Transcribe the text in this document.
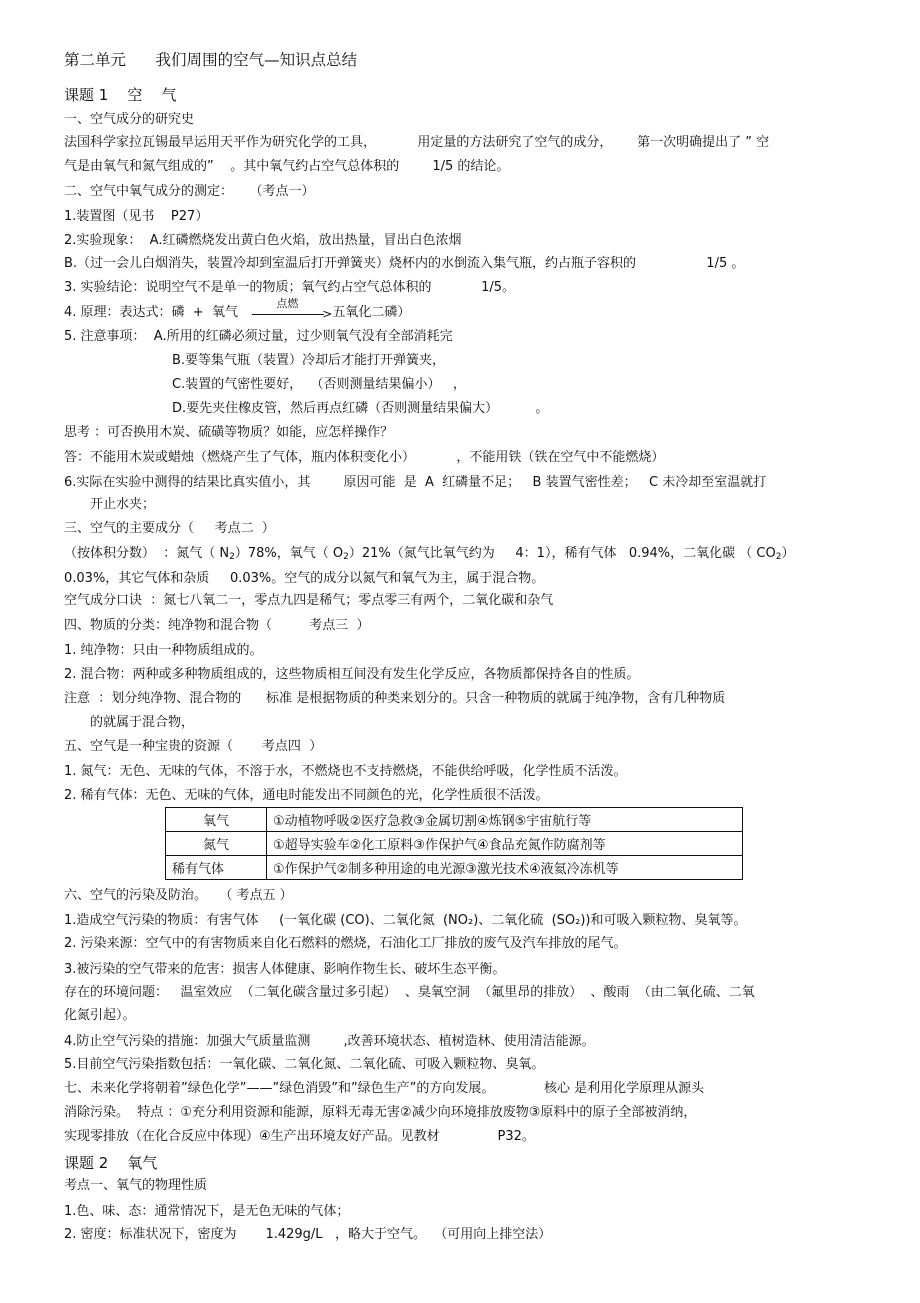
第二单元      我们周围的空气—知识点总结
课题 1    空    气
一、空气成分的研究史
法国科学家拉瓦锡最早运用天平作为研究化学的工具，          用定量的方法研究了空气的成分，      第一次明确提出了 ” 空
气是由氧气和氮气组成的”    。其中氧气约占空气总体积的        1/5 的结论。
二、空气中氧气成分的测定：    （考点一）
1.装置图（见书    P27）
2.实验现象：  A.红磷燃烧发出黄白色火焰，放出热量，冒出白色浓烟
B.（过一会儿白烟消失，装置冷却到室温后打开弹簧夹）烧杯内的水倒流入集气瓶，约占瓶子容积的                 1/5 。
3. 实验结论：说明空气不是单一的物质；氧气约占空气总体积的            1/5。
4. 原理：表达式：磷  +  氧气
点燃
> 五氧化二磷）
5. 注意事项：  A.所用的红磷必须过量，过少则氧气没有全部消耗完
B.要等集气瓶（装置）冷却后才能打开弹簧夹，
C.装置的气密性要好，  （否则测量结果偏小）   ，
D.要先夹住橡皮管，然后再点红磷（否则测量结果偏大）         。
思考 ：可否换用木炭、硫磺等物质？如能，应怎样操作？
答：不能用木炭或蜡烛（燃烧产生了气体，瓶内体积变化小）          ，不能用铁（铁在空气中不能燃烧）
6.实际在实验中测得的结果比真实值小，其        原因可能  是  A  红磷量不足；   B 装置气密性差；   C 未冷却至室温就打
开止水夹；
三、空气的主要成分（     考点二  ）
（按体积分数）  ：氮气（ $N_2)78\%$，氧气（ $O_2)21\%$（氮气比氧气约为     4：1），稀有气体   0.94%，二氧化碳 （ $CO_2$）
0.03%，其它气体和杂质     0.03%。空气的成分以氮气和氧气为主，属于混合物。
空气成分口诀  ：氮七八氧二一，零点九四是稀气；零点零三有两个，二氧化碳和杂气
四、物质的分类：纯净物和混合物（         考点三  ）
1. 纯净物：只由一种物质组成的。
2. 混合物：两种或多种物质组成的，这些物质相互间没有发生化学反应，各物质都保持各自的性质。
注意  ：划分纯净物、混合物的      标准 是根据物质的种类来划分的。只含一种物质的就属于纯净物，含有几种物质
的就属于混合物，
五、空气是一种宝贵的资源（       考点四  ）
1. 氮气：无色、无味的气体，不溶于水，不燃烧也不支持燃烧，不能供给呼吸，化学性质不活泼。
2. 稀有气体：无色、无味的气体，通电时能发出不同颜色的光，化学性质很不活泼。
氧气	①动植物呼吸②医疗急救③金属切割④炼钢⑤宇宙航行等
氮气	①超导实验车②化工原料③作保护气④食品充氮作防腐剂等
稀有气体	①作保护气②制多种用途的电光源③激光技术④液氦冷冻机等
六、空气的污染及防治。   （ 考点五 ）
1.造成空气污染的物质：有害气体     (一氧化碳 (CO)、二氧化氮  (NO₂)、二氧化硫  (SO₂))和可吸入颗粒物、臭氧等。
2. 污染来源：空气中的有害物质来自化石燃料的燃烧，石油化工厂排放的废气及汽车排放的尾气。
3.被污染的空气带来的危害：损害人体健康、影响作物生长、破坏生态平衡。
存在的环境问题：   温室效应  （二氧化碳含量过多引起）  、臭氧空洞  （氟里昂的排放）  、酸雨  （由二氧化硫、二氧
化氮引起）。
4.防止空气污染的措施：加强大气质量监测        ,改善环境状态、植树造林、使用清洁能源。
5.目前空气污染指数包括：一氧化碳、二氧化氮、二氧化硫、可吸入颗粒物、臭氧。
七、未来化学将朝着”绿色化学”——”绿色消毁”和”绿色生产”的方向发展。            核心 是利用化学原理从源头
消除污染。  特点 ：①充分利用资源和能源，原料无毒无害②减少向环境排放废物③原料中的原子全部被消纳，
实现零排放（在化合反应中体现）④生产出环境友好产品。见教材              P32。
课题 2    氧气
考点一、氧气的物理性质
1.色、味、态：通常情况下，是无色无味的气体；
2. 密度：标准状况下，密度为       1.429g/L   ，略大于空气。  （可用向上排空法）
